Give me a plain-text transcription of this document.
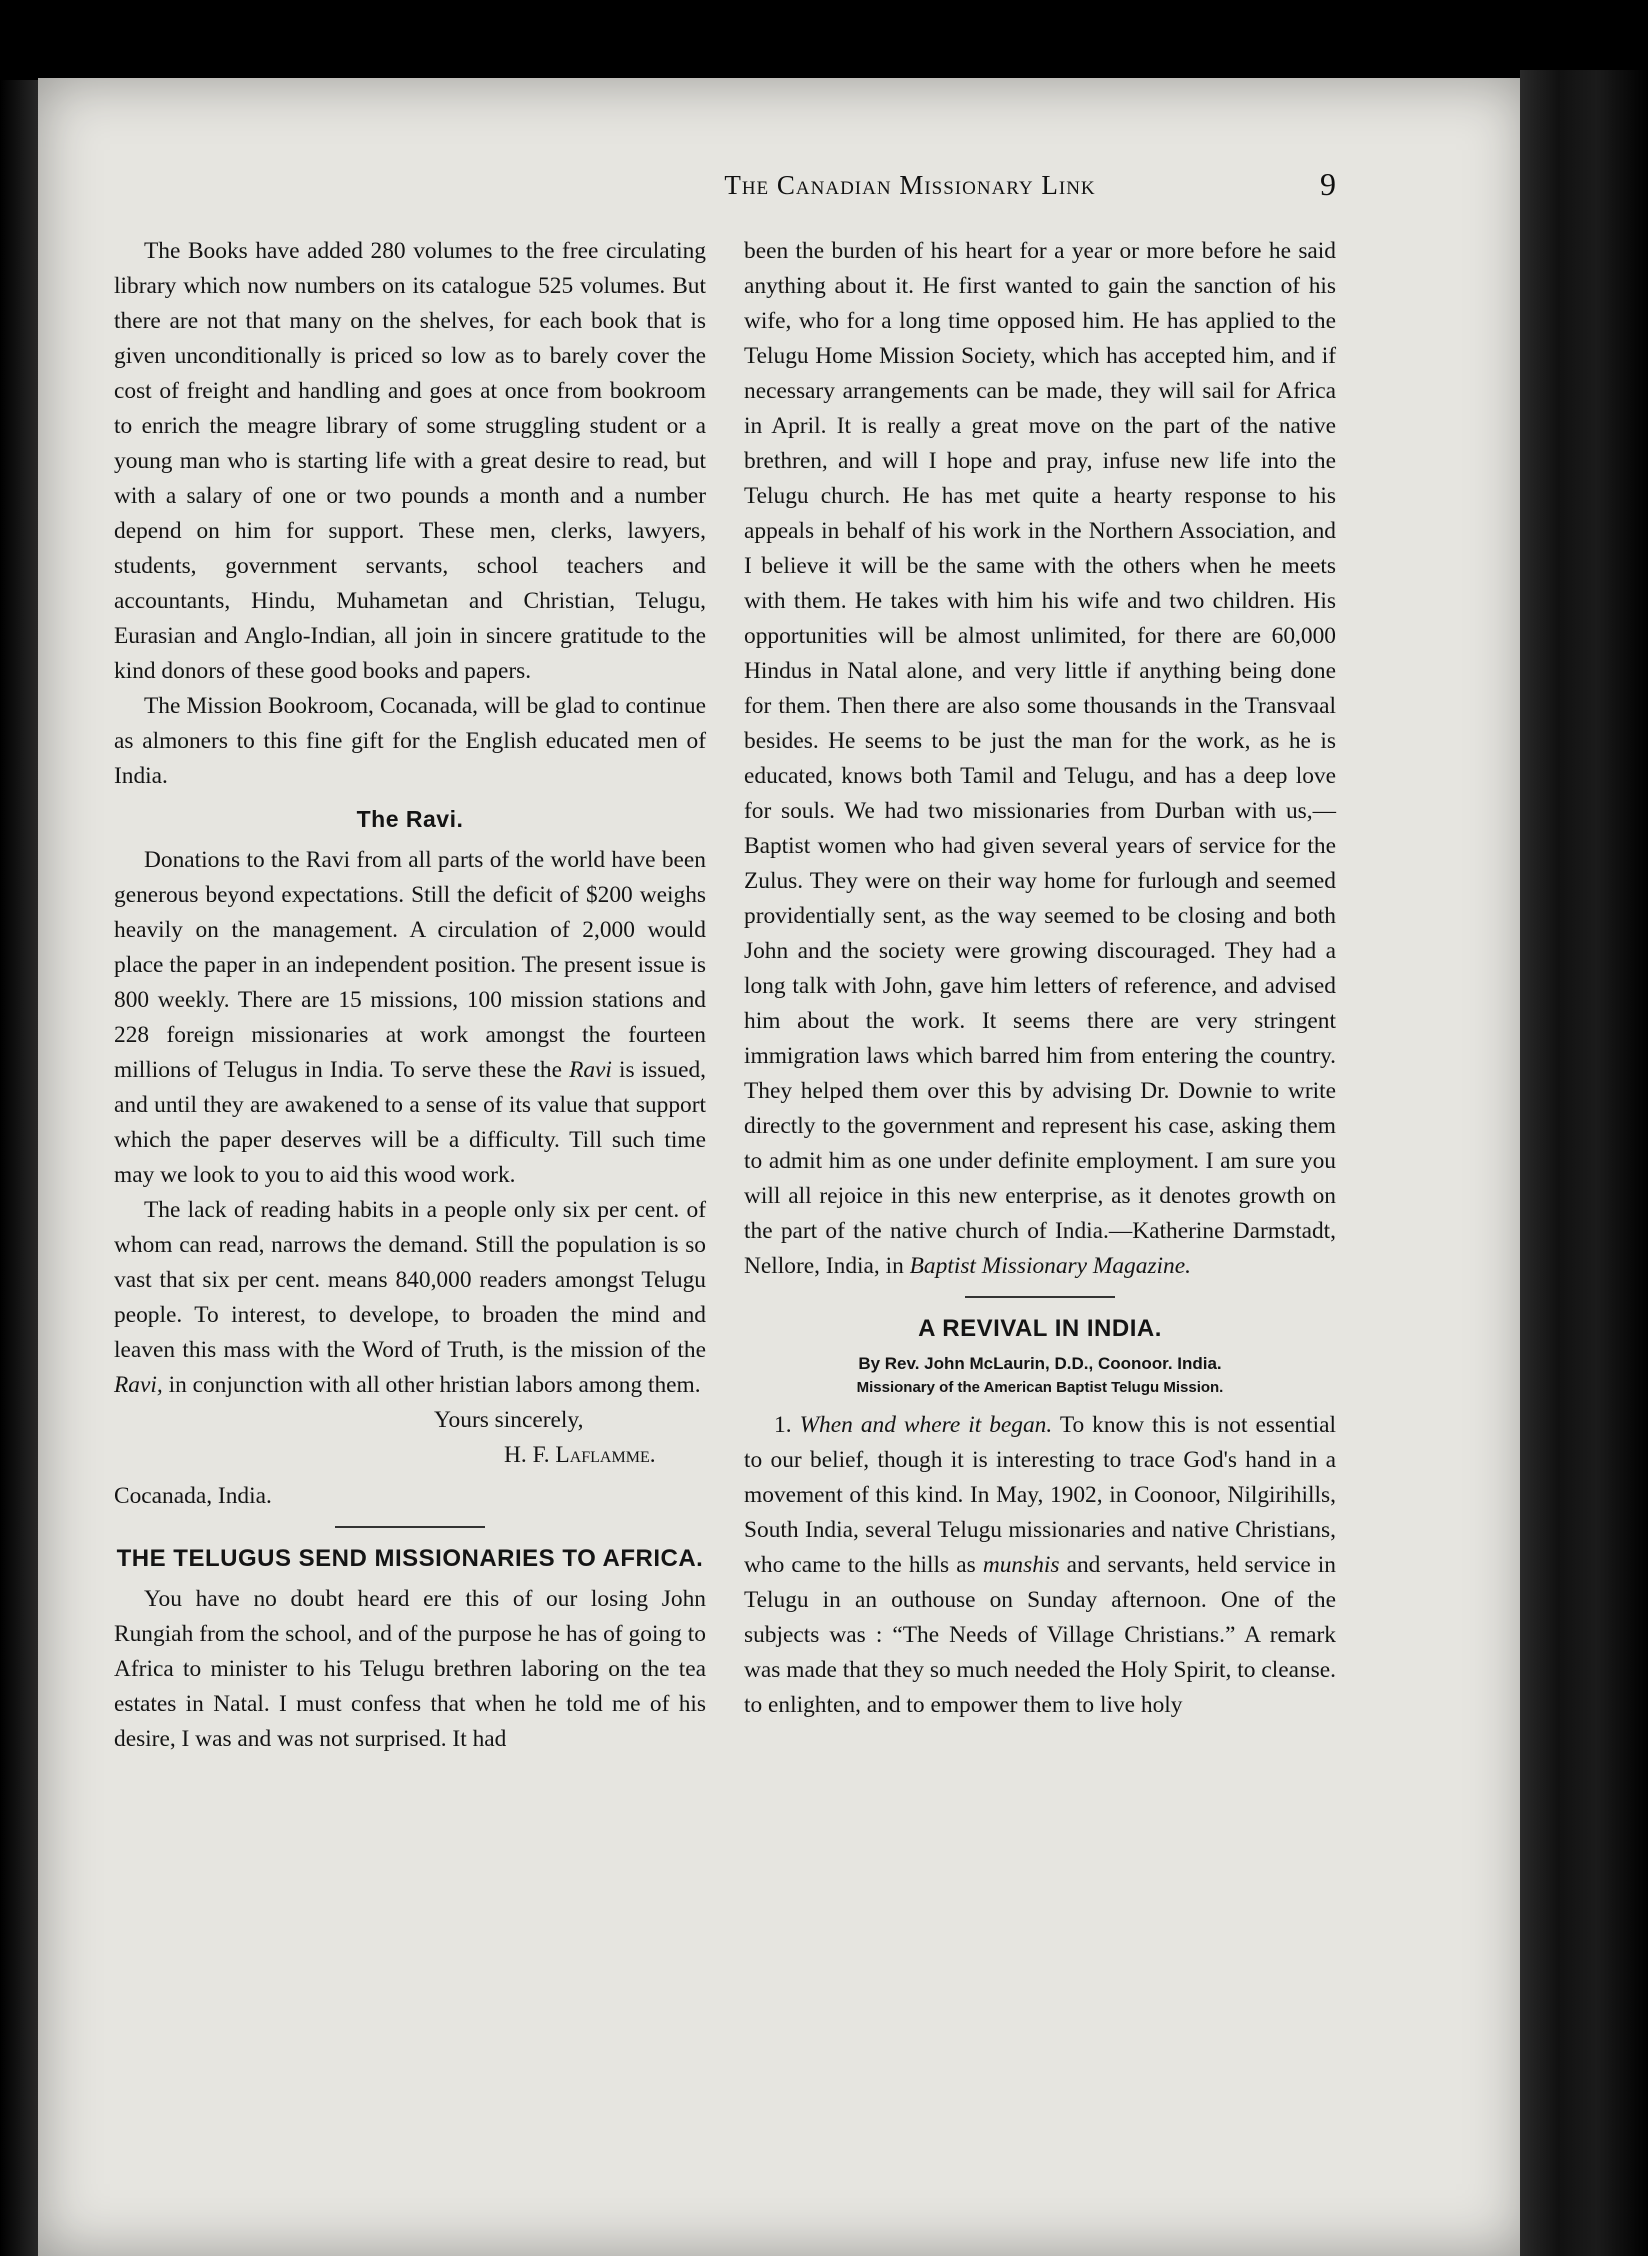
The Canadian Missionary Link	9

The Books have added 280 volumes to the free circulating library which now numbers on its catalogue 525 volumes. But there are not that many on the shelves, for each book that is given unconditionally is priced so low as to barely cover the cost of freight and handling and goes at once from bookroom to enrich the meagre library of some struggling student or a young man who is starting life with a great desire to read, but with a salary of one or two pounds a month and a number depend on him for support. These men, clerks, lawyers, students, government servants, school teachers and accountants, Hindu, Muhametan and Christian, Telugu, Eurasian and Anglo-Indian, all join in sincere gratitude to the kind donors of these good books and papers.

The Mission Bookroom, Cocanada, will be glad to continue as almoners to this fine gift for the English educated men of India.

The Ravi.

Donations to the Ravi from all parts of the world have been generous beyond expectations. Still the deficit of $200 weighs heavily on the management. A circulation of 2,000 would place the paper in an independent position. The present issue is 800 weekly. There are 15 missions, 100 mission stations and 228 foreign missionaries at work amongst the fourteen millions of Telugus in India. To serve these the Ravi is issued, and until they are awakened to a sense of its value that support which the paper deserves will be a difficulty. Till such time may we look to you to aid this wood work.

The lack of reading habits in a people only six per cent. of whom can read, narrows the demand. Still the population is so vast that six per cent. means 840,000 readers amongst Telugu people. To interest, to develope, to broaden the mind and leaven this mass with the Word of Truth, is the mission of the Ravi, in conjunction with all other hristian labors among them.

Yours sincerely,
H. F. Laflamme.
Cocanada, India.
THE TELUGUS SEND MISSIONARIES TO AFRICA.

You have no doubt heard ere this of our losing John Rungiah from the school, and of the purpose he has of going to Africa to minister to his Telugu brethren laboring on the tea estates in Natal. I must confess that when he told me of his desire, I was and was not surprised. It had

been the burden of his heart for a year or more before he said anything about it. He first wanted to gain the sanction of his wife, who for a long time opposed him. He has applied to the Telugu Home Mission Society, which has accepted him, and if necessary arrangements can be made, they will sail for Africa in April. It is really a great move on the part of the native brethren, and will I hope and pray, infuse new life into the Telugu church. He has met quite a hearty response to his appeals in behalf of his work in the Northern Association, and I believe it will be the same with the others when he meets with them. He takes with him his wife and two children. His opportunities will be almost unlimited, for there are 60,000 Hindus in Natal alone, and very little if anything being done for them. Then there are also some thousands in the Transvaal besides. He seems to be just the man for the work, as he is educated, knows both Tamil and Telugu, and has a deep love for souls. We had two missionaries from Durban with us,—Baptist women who had given several years of service for the Zulus. They were on their way home for furlough and seemed providentially sent, as the way seemed to be closing and both John and the society were growing discouraged. They had a long talk with John, gave him letters of reference, and advised him about the work. It seems there are very stringent immigration laws which barred him from entering the country. They helped them over this by advising Dr. Downie to write directly to the government and represent his case, asking them to admit him as one under definite employment. I am sure you will all rejoice in this new enterprise, as it denotes growth on the part of the native church of India.—Katherine Darmstadt, Nellore, India, in Baptist Missionary Magazine.

A REVIVAL IN INDIA.
By Rev. John McLaurin, D.D., Coonoor. India.
Missionary of the American Baptist Telugu Mission.

1. When and where it began. To know this is not essential to our belief, though it is interesting to trace God's hand in a movement of this kind. In May, 1902, in Coonoor, Nilgirihills, South India, several Telugu missionaries and native Christians, who came to the hills as munshis and servants, held service in Telugu in an outhouse on Sunday afternoon. One of the subjects was : “The Needs of Village Christians.” A remark was made that they so much needed the Holy Spirit, to cleanse. to enlighten, and to empower them to live holy
